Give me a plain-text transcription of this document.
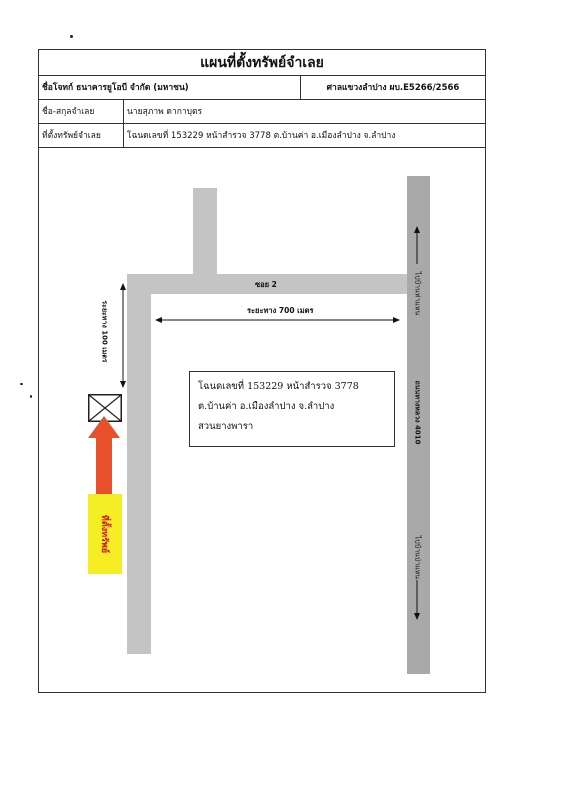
แผนที่ตั้งทรัพย์จำเลย
ชื่อโจทก์ ธนาคารยูโอบี จำกัด (มหาชน)	ศาลแขวงลำปาง ผบ.E5266/2566
ชื่อ-สกุลจำเลย	นายสุภาพ ดากาบุตร
ที่ตั้งทรัพย์จำเลย	โฉนดเลขที่ 153229 หน้าสำรวจ 3778 ต.บ้านค่า อ.เมืองลำปาง จ.ลำปาง
ซอย 2
ระยะทาง 700 เมตร
ระยะทาง 100 เมตร
ไปบ้านท่าแหน
ถนนทางหลวง 4010
ไปบ้านป่าแหน
โฉนดเลขที่ 153229 หน้าสำรวจ 3778
ต.บ้านค่า อ.เมืองลำปาง จ.ลำปาง
สวนยางพารา
ที่ตั้งทรัพย์
